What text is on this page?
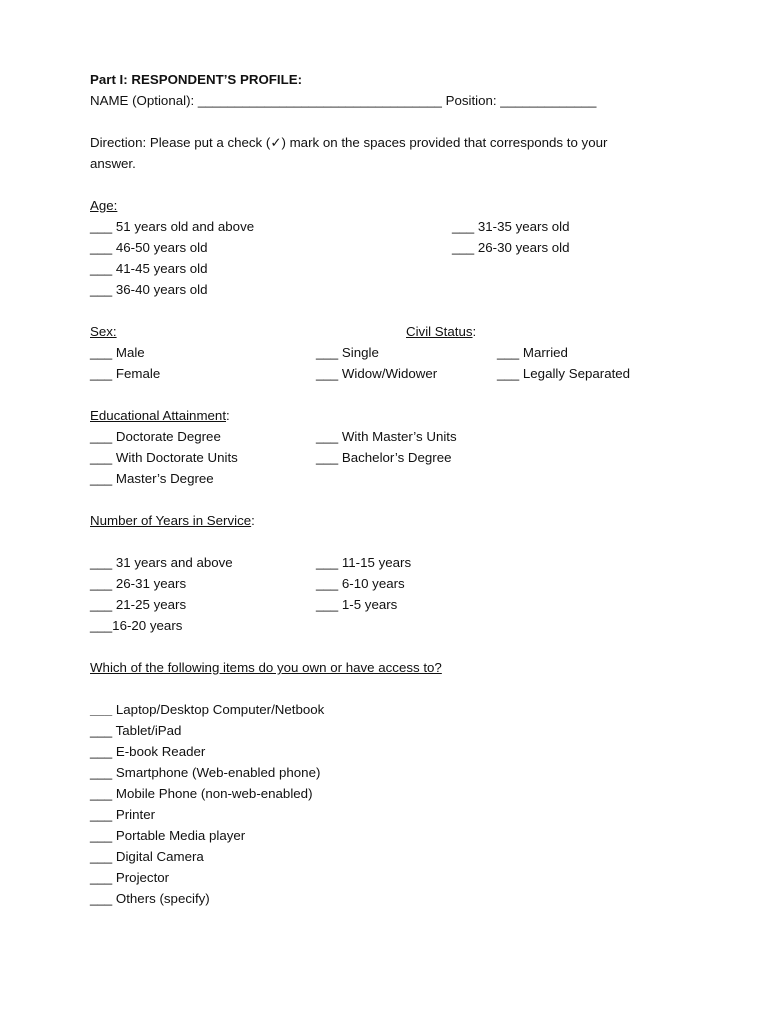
Part I: RESPONDENT’S PROFILE:
NAME (Optional): _________________________________ Position: _____________
Direction: Please put a check (✓) mark on the spaces provided that corresponds to your
answer.
Age:
___ 51 years old and above
___ 46-50 years old
___ 41-45 years old
___ 36-40 years old
___ 31-35 years old
___ 26-30 years old
Sex:	Civil Status:
___ Male
___ Female
___ Single
___ Widow/Widower
___ Married
___ Legally Separated
Educational Attainment:
___ Doctorate Degree
___ With Doctorate Units
___ Master’s Degree
___ With Master’s Units
___ Bachelor’s Degree
Number of Years in Service:
___ 31 years and above
___ 26-31 years
___ 21-25 years
___16-20 years
___ 11-15 years
___ 6-10 years
___ 1-5 years
Which of the following items do you own or have access to?
___ Laptop/Desktop Computer/Netbook
___ Tablet/iPad
___ E-book Reader
___ Smartphone (Web-enabled phone)
___ Mobile Phone (non-web-enabled)
___ Printer
___ Portable Media player
___ Digital Camera
___ Projector
___ Others (specify)
